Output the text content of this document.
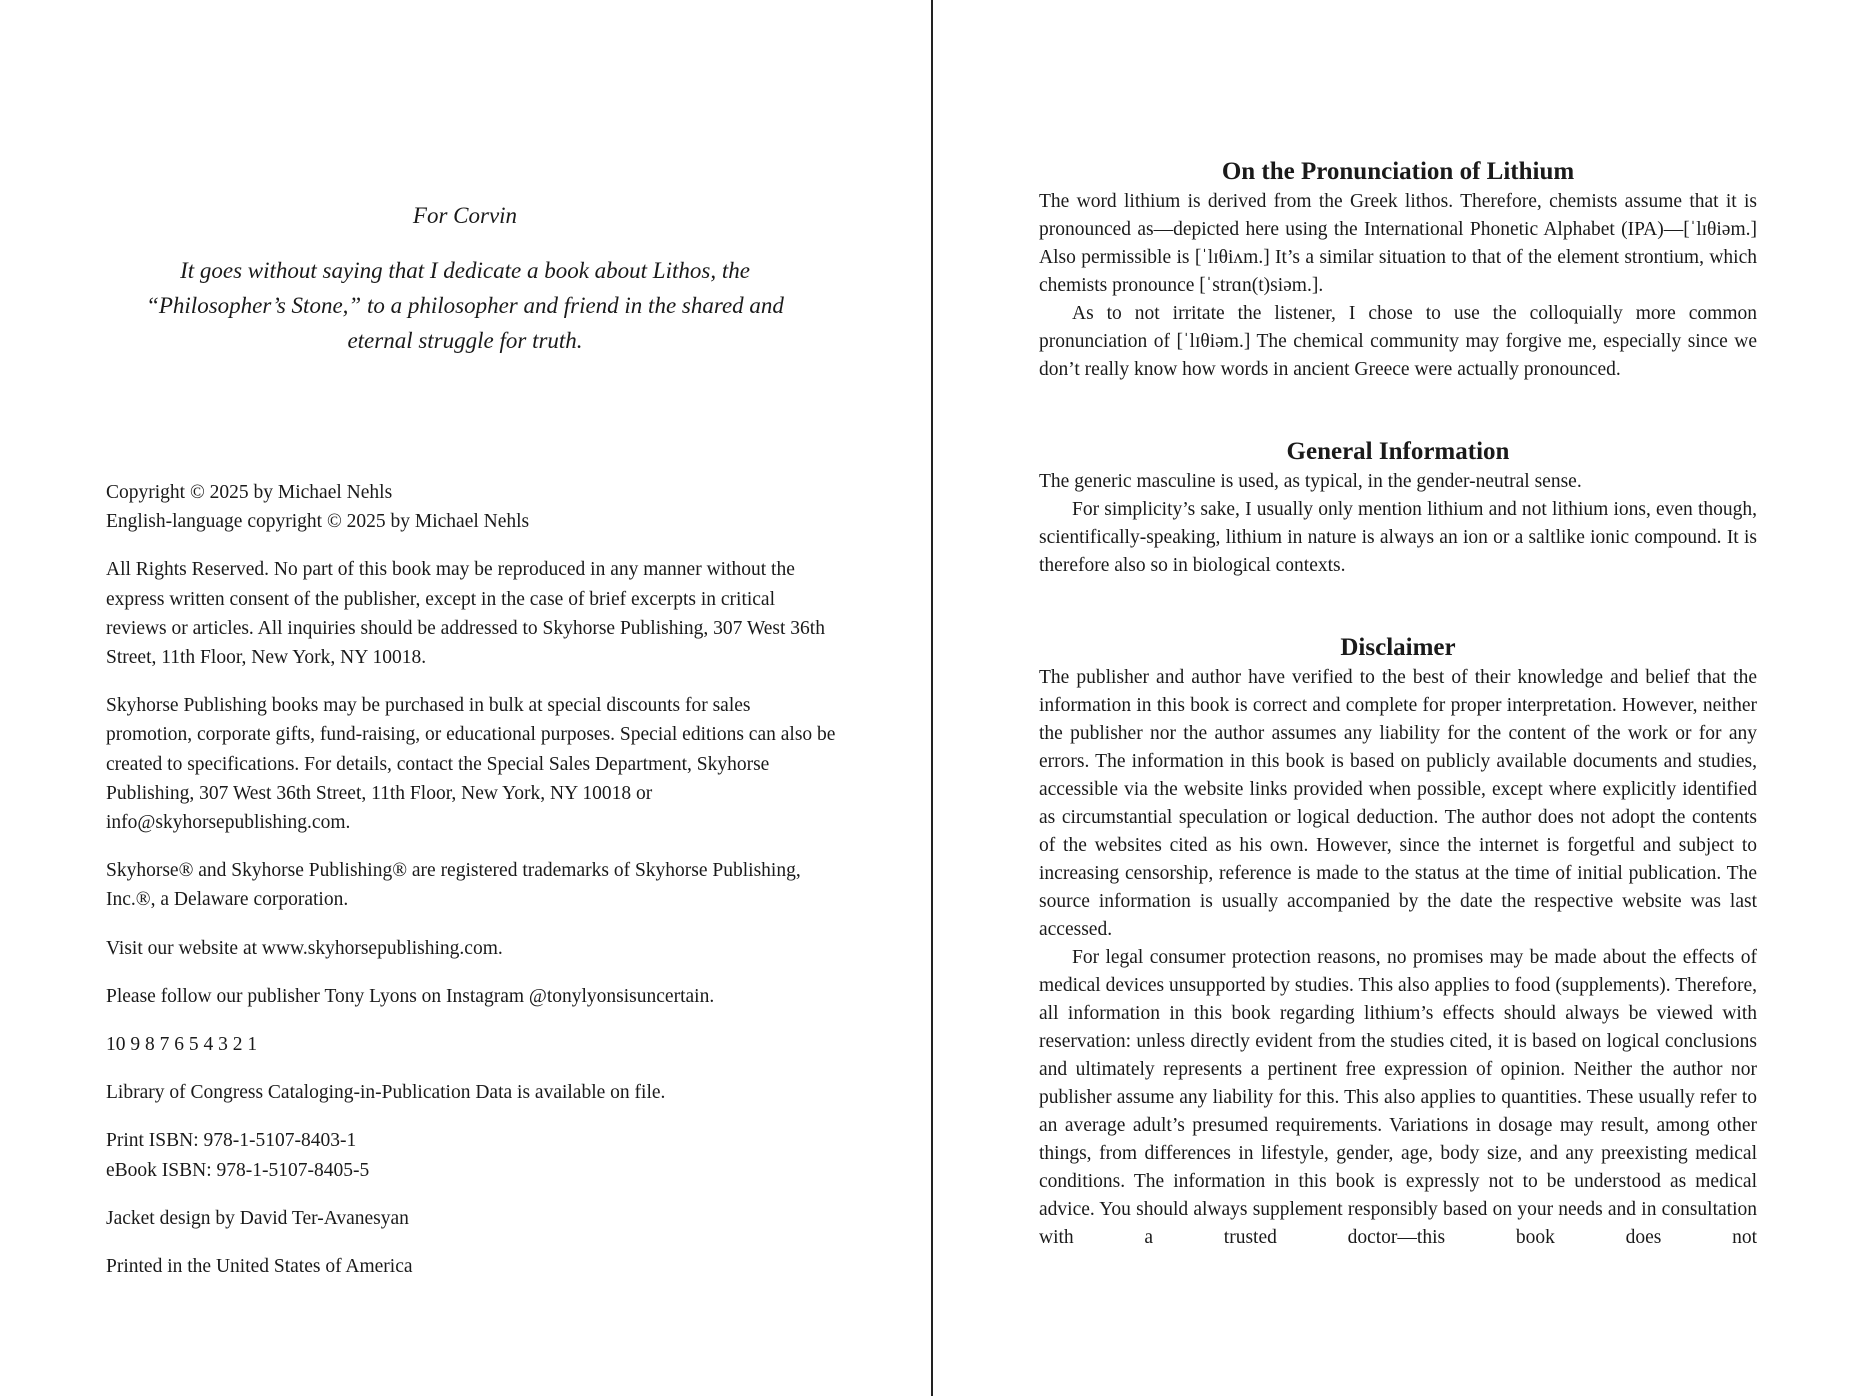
For Corvin

It goes without saying that I dedicate a book about Lithos, the “Philosopher’s Stone,” to a philosopher and friend in the shared and eternal struggle for truth.

Copyright © 2025 by Michael Nehls
English-language copyright © 2025 by Michael Nehls

All Rights Reserved. No part of this book may be reproduced in any manner without the express written consent of the publisher, except in the case of brief excerpts in critical reviews or articles. All inquiries should be addressed to Skyhorse Publishing, 307 West 36th Street, 11th Floor, New York, NY 10018.

Skyhorse Publishing books may be purchased in bulk at special discounts for sales promotion, corporate gifts, fund-raising, or educational purposes. Special editions can also be created to specifications. For details, contact the Special Sales Department, Skyhorse Publishing, 307 West 36th Street, 11th Floor, New York, NY 10018 or info@skyhorsepublishing.com.

Skyhorse® and Skyhorse Publishing® are registered trademarks of Skyhorse Publishing, Inc.®, a Delaware corporation.

Visit our website at www.skyhorsepublishing.com.

Please follow our publisher Tony Lyons on Instagram @tonylyonsisuncertain.

10 9 8 7 6 5 4 3 2 1

Library of Congress Cataloging-in-Publication Data is available on file.

Print ISBN: 978-1-5107-8403-1
eBook ISBN: 978-1-5107-8405-5

Jacket design by David Ter-Avanesyan

Printed in the United States of America

On the Pronunciation of Lithium

The word lithium is derived from the Greek lithos. Therefore, chemists assume that it is pronounced as—depicted here using the International Phonetic Alphabet (IPA)—[ˈlɪθiəm.] Also permissible is [ˈlɪθiʌm.] It’s a similar situation to that of the element strontium, which chemists pronounce [ˈstrɑn(t)siəm.].

As to not irritate the listener, I chose to use the colloquially more common pronunciation of [ˈlɪθiəm.] The chemical community may forgive me, especially since we don’t really know how words in ancient Greece were actually pronounced.

General Information

The generic masculine is used, as typical, in the gender-neutral sense.

For simplicity’s sake, I usually only mention lithium and not lithium ions, even though, scientifically-speaking, lithium in nature is always an ion or a saltlike ionic compound. It is therefore also so in biological contexts.

Disclaimer

The publisher and author have verified to the best of their knowledge and belief that the information in this book is correct and complete for proper interpretation. However, neither the publisher nor the author assumes any liability for the content of the work or for any errors. The information in this book is based on publicly available documents and studies, accessible via the website links provided when possible, except where explicitly identified as circumstantial speculation or logical deduction. The author does not adopt the contents of the websites cited as his own. However, since the internet is forgetful and subject to increasing censorship, reference is made to the status at the time of initial publication. The source information is usually accompanied by the date the respective website was last accessed.

For legal consumer protection reasons, no promises may be made about the effects of medical devices unsupported by studies. This also applies to food (supplements). Therefore, all information in this book regarding lithium’s effects should always be viewed with reservation: unless directly evident from the studies cited, it is based on logical conclusions and ultimately represents a pertinent free expression of opinion. Neither the author nor publisher assume any liability for this. This also applies to quantities. These usually refer to an average adult’s presumed requirements. Variations in dosage may result, among other things, from differences in lifestyle, gender, age, body size, and any preexisting medical conditions. The information in this book is expressly not to be understood as medical advice. You should always supplement responsibly based on your needs and in consultation with a trusted doctor—this book does not
